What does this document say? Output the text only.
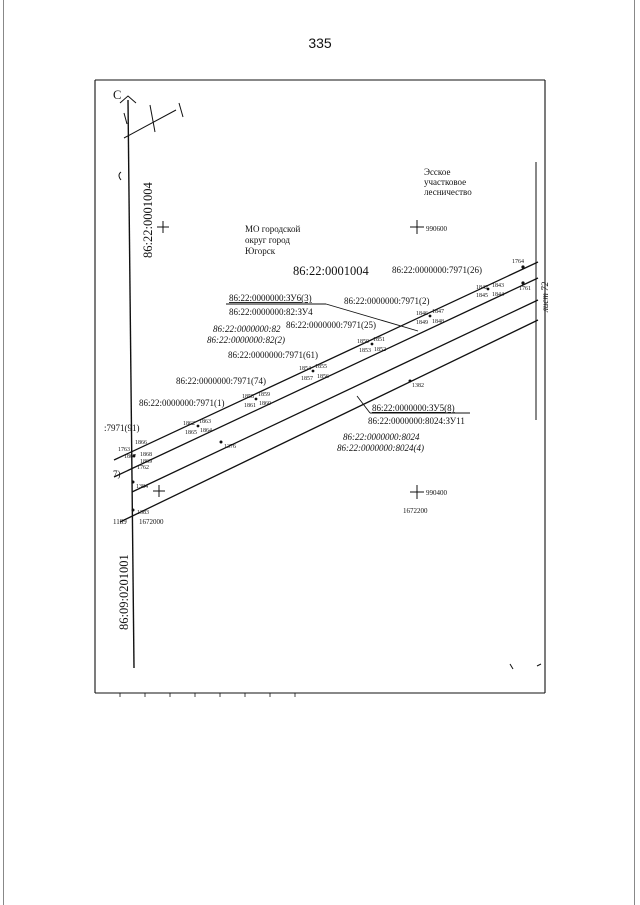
335
C
86:22:0001004
86:09:0201001
лист 72
Эсское
участковое
лесничество
МО городской
округ город
Югорск
86:22:0001004
990600
990400
1672000
1672200
86:22:0000000:ЗУ6(3)
86:22:0000000:82:ЗУ4
86:22:0000000:82
86:22:0000000:82(2)
86:22:0000000:7971(26)
86:22:0000000:7971(2)
86:22:0000000:7971(25)
86:22:0000000:7971(61)
86:22:0000000:7971(74)
86:22:0000000:7971(1)	86:22:0000000:ЗУ5(8)
86:22:0000000:8024:ЗУ11
86:22:0000000:8024
86:22:0000000:8024(4)
:7971(91)
7)
1764
1761
1842 1843
1845 1844
1846 1847
1849 1848
1850 1851
1853 1852
1854 1855
1857 1856
1858 1859
1861 1860
1862 1863
1865 1864
1763
1866
1867 1868
1869
1762
1376
1382
1384
1383
1189
